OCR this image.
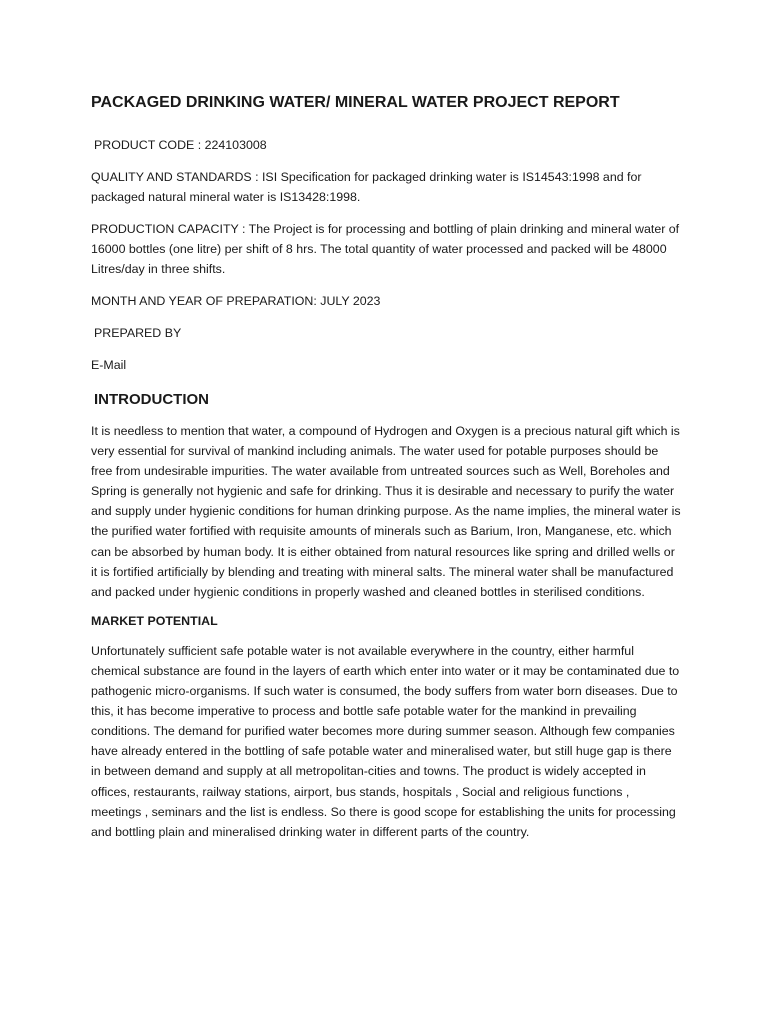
PACKAGED DRINKING WATER/ MINERAL WATER PROJECT REPORT

PRODUCT CODE : 224103008

QUALITY AND STANDARDS : ISI Specification for packaged drinking water is IS14543:1998 and for packaged natural mineral water is IS13428:1998.

PRODUCTION CAPACITY : The Project is for processing and bottling of plain drinking and mineral water of 16000 bottles (one litre) per shift of 8 hrs. The total quantity of water processed and packed will be 48000 Litres/day in three shifts.

MONTH AND YEAR OF PREPARATION: JULY 2023

PREPARED BY

E-Mail

INTRODUCTION

It is needless to mention that water, a compound of Hydrogen and Oxygen is a precious natural gift which is very essential for survival of mankind including animals. The water used for potable purposes should be free from undesirable impurities. The water available from untreated sources such as Well, Boreholes and Spring is generally not hygienic and safe for drinking. Thus it is desirable and necessary to purify the water and supply under hygienic conditions for human drinking purpose. As the name implies, the mineral water is the purified water fortified with requisite amounts of minerals such as Barium, Iron, Manganese, etc. which can be absorbed by human body. It is either obtained from natural resources like spring and drilled wells or it is fortified artificially by blending and treating with mineral salts. The mineral water shall be manufactured and packed under hygienic conditions in properly washed and cleaned bottles in sterilised conditions.

MARKET POTENTIAL

Unfortunately sufficient safe potable water is not available everywhere in the country, either harmful chemical substance are found in the layers of earth which enter into water or it may be contaminated due to pathogenic micro-organisms. If such water is consumed, the body suffers from water born diseases. Due to this, it has become imperative to process and bottle safe potable water for the mankind in prevailing conditions. The demand for purified water becomes more during summer season. Although few companies have already entered in the bottling of safe potable water and mineralised water, but still huge gap is there in between demand and supply at all metropolitan-cities and towns. The product is widely accepted in offices, restaurants, railway stations, airport, bus stands, hospitals , Social and religious functions , meetings , seminars and the list is endless. So there is good scope for establishing the units for processing and bottling plain and mineralised drinking water in different parts of the country.
